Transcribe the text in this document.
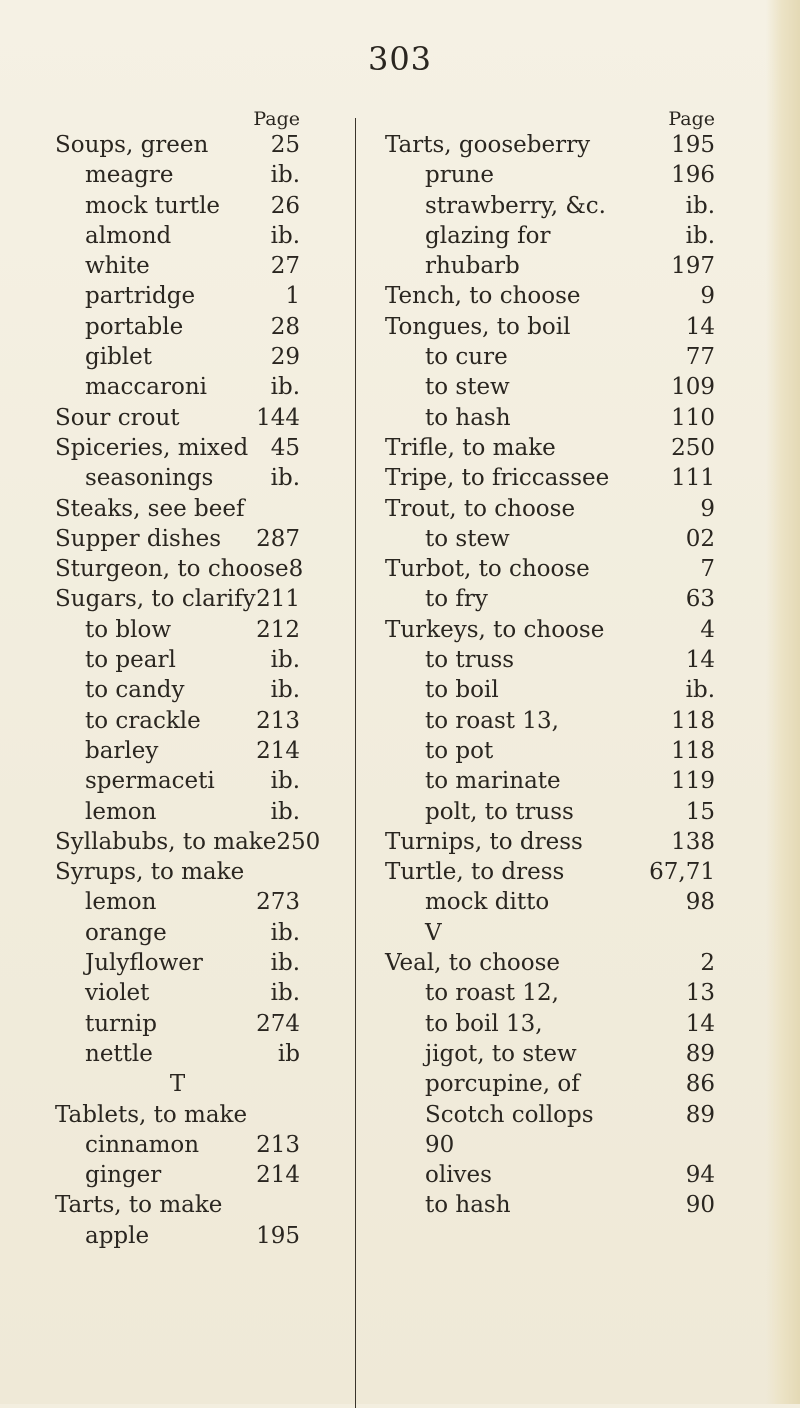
303
Page
Soups, green	25
meagre	ib.
mock turtle 26
almond	ib.
white	27
partridge	1
portable	28
giblet	29
maccaroni	ib.
Sour crout	144
Spiceries, mixed 45
seasonings ib.
Steaks, see beef
Supper dishes 287
Sturgeon, to choose 8
Sugars, to clarify 211
to blow	212
to pearl	ib.
to candy	ib.
to crackle 213
barley	214
spermaceti ib.
lemon	ib.
Syllabubs, to make 250
Syrups, to make
lemon	273
orange	ib.
Julyflower	ib.
violet	ib.
turnip	274
nettle	ib
T
Tablets, to make
cinnamon 213
ginger	214
Tarts, to make
apple	195
Page
Tarts, gooseberry	195
prune	196
strawberry, &c.	ib.
glazing for	ib.
rhubarb	197
Tench, to choose	9
Tongues, to boil	14
to cure	77
to stew	109
to hash	110
Trifle, to make	250
Tripe, to friccassee	111
Trout, to choose	9
to stew	02
Turbot, to choose	7
to fry	63
Turkeys, to choose	4
to truss	14
to boil	ib.
to roast 13,	118
to pot	118
to marinate	119
polt, to truss	15
Turnips, to dress	138
Turtle, to dress	67,71
mock ditto	98
V
Veal, to choose	2
to roast 12,	13
to boil 13,	14
jigot, to stew	89
porcupine, of	86
Scotch collops	89
90
olives	94
to hash	90
